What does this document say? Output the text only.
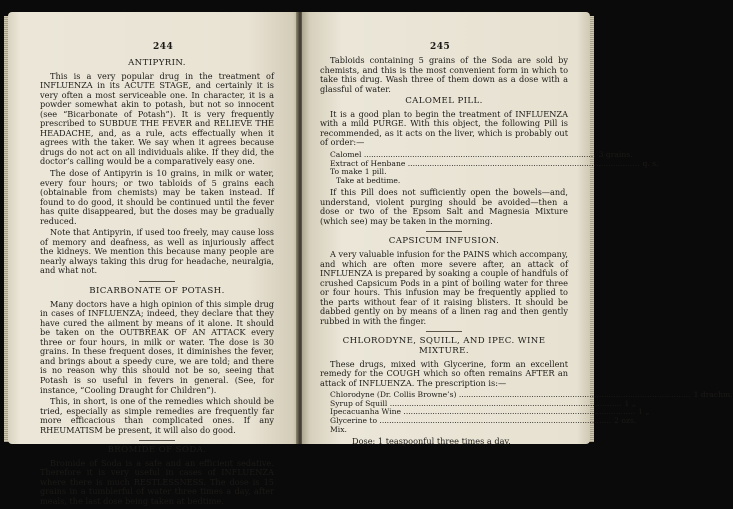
244
ANTIPYRIN.

This is a very popular drug in the treatment of INFLUENZA in its ACUTE STAGE, and certainly it is very often a most serviceable one. In character, it is a powder somewhat akin to potash, but not so innocent (see “Bicarbonate of Potash”). It is very frequently prescribed to SUBDUE THE FEVER and RELIEVE THE HEADACHE, and, as a rule, acts effectually when it agrees with the taker. We say when it agrees because drugs do not act on all individuals alike. If they did, the doctor’s calling would be a comparatively easy one.

The dose of Antipyrin is 10 grains, in milk or water, every four hours; or two tabloids of 5 grains each (obtainable from chemists) may be taken instead. If found to do good, it should be continued until the fever has quite disappeared, but the doses may be gradually reduced.

Note that Antipyrin, if used too freely, may cause loss of memory and deafness, as well as injuriously affect the kidneys. We mention this because many people are nearly always taking this drug for headache, neuralgia, and what not.

BICARBONATE OF POTASH.

Many doctors have a high opinion of this simple drug in cases of INFLUENZA; indeed, they declare that they have cured the ailment by means of it alone. It should be taken on the OUTBREAK OF AN ATTACK every three or four hours, in milk or water. The dose is 30 grains. In these frequent doses, it diminishes the fever, and brings about a speedy cure, we are told; and there is no reason why this should not be so, seeing that Potash is so useful in fevers in general. (See, for instance, “Cooling Draught for Children”).

This, in short, is one of the remedies which should be tried, especially as simple remedies are frequently far more efficacious than complicated ones. If any RHEUMATISM be present, it will also do good.

BROMIDE OF SODA.

Bromide of Soda is a safe and an efficient sedative. Therefore it is very useful in cases of INFLUENZA where there is much RESTLESSNESS. The dose is 15 grains in a tumblerful of water three times a day, after meals, the last dose being taken at bedtime.

245

Tabloids containing 5 grains of the Soda are sold by chemists, and this is the most convenient form in which to take this drug. Wash three of them down as a dose with a glassful of water.

CALOMEL PILL.

It is a good plan to begin the treatment of INFLUENZA with a mild PURGE. With this object, the following Pill is recommended, as it acts on the liver, which is probably out of order:—

Calomel .....	3 grains.
Extract of Henbane .....	q. s.
To make 1 pill.
Take at bedtime.

If this Pill does not sufficiently open the bowels—and, understand, violent purging should be avoided—then a dose or two of the Epsom Salt and Magnesia Mixture (which see) may be taken in the morning.

CAPSICUM INFUSION.

A very valuable infusion for the PAINS which accompany, and which are often more severe after, an attack of INFLUENZA is prepared by soaking a couple of handfuls of crushed Capsicum Pods in a pint of boiling water for three or four hours. This infusion may be frequently applied to the parts without fear of it raising blisters. It should be dabbed gently on by means of a linen rag and then gently rubbed in with the finger.

CHLORODYNE, SQUILL, AND IPEC. WINE MIXTURE.

These drugs, mixed with Glycerine, form an excellent remedy for the COUGH which so often remains AFTER an attack of INFLUENZA. The prescription is:—

Chlorodyne (Dr. Collis Browne’s) .....	1 drachm.
Syrup of Squill .....	1 „
Ipecacuanha Wine .....	1 „
Glycerine to .....	2 ozs.
Mix.

Dose: 1 teaspoonful three times a day.
